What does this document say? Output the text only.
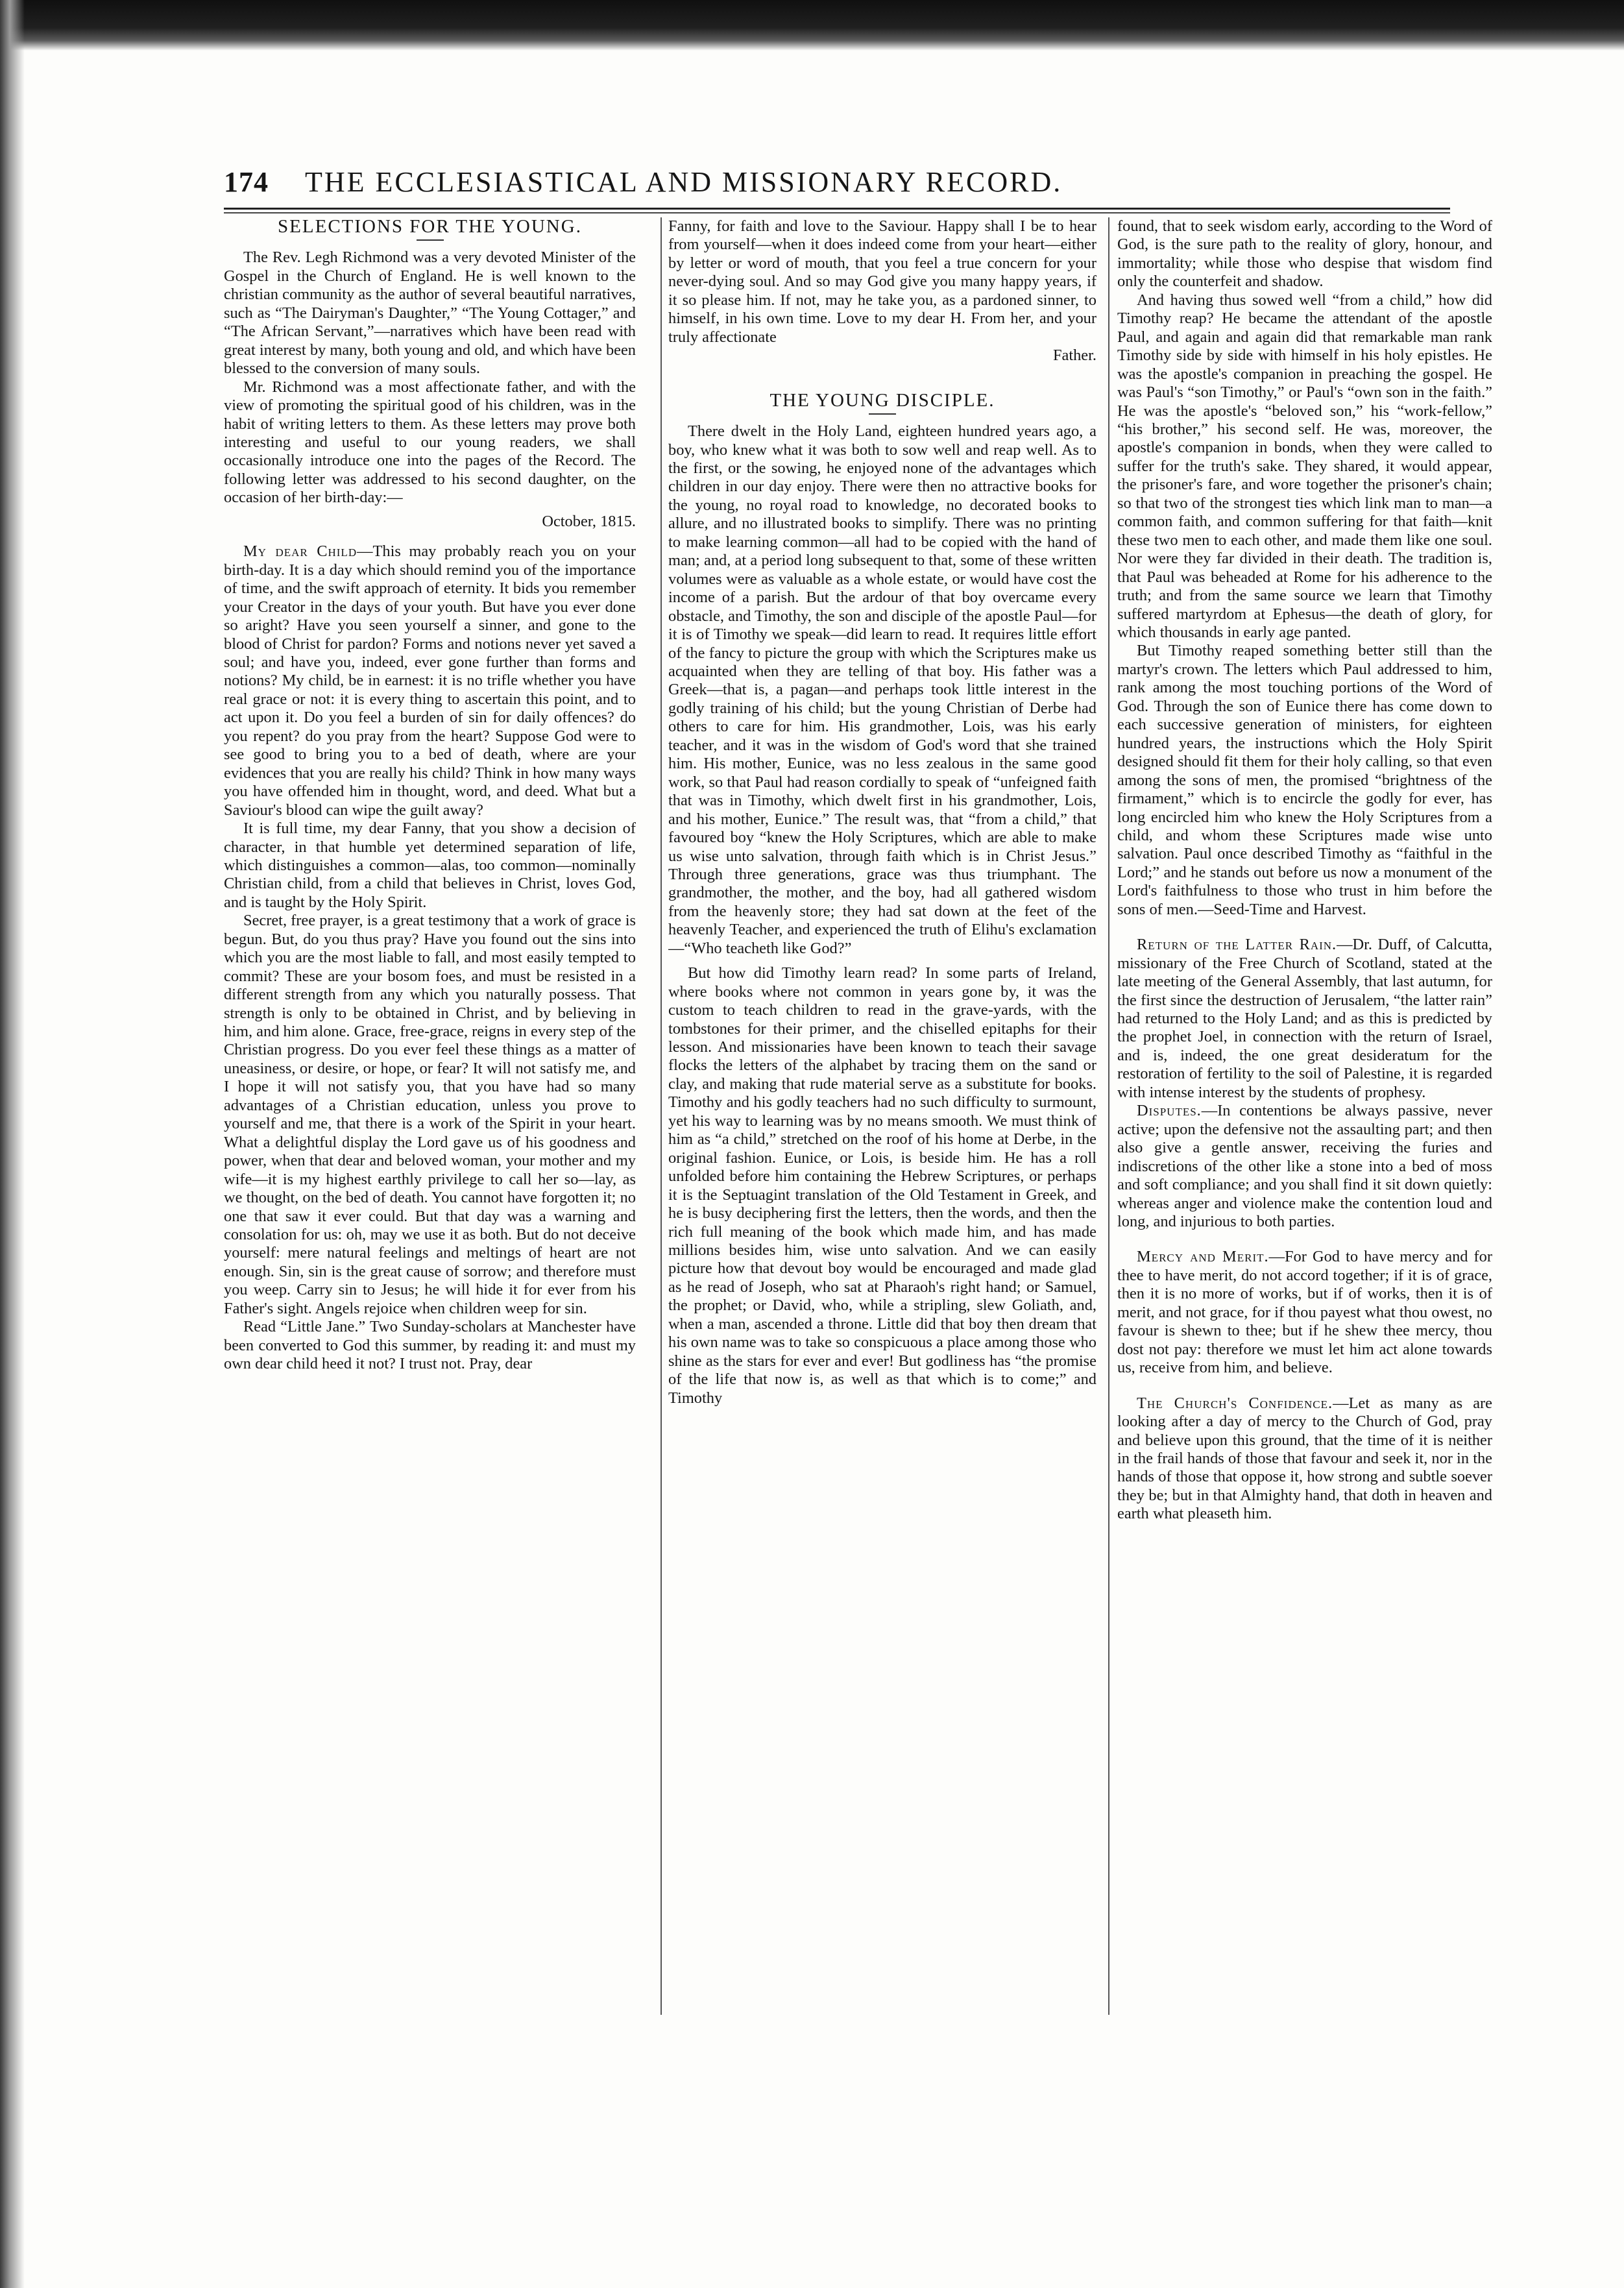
174 THE ECCLESIASTICAL AND MISSIONARY RECORD.
SELECTIONS FOR THE YOUNG.

The Rev. Legh Richmond was a very devoted Minister of the Gospel in the Church of England. He is well known to the christian community as the author of several beautiful narratives, such as “The Dairyman's Daughter,” “The Young Cottager,” and “The African Servant,”—narratives which have been read with great interest by many, both young and old, and which have been blessed to the conversion of many souls.

Mr. Richmond was a most affectionate father, and with the view of promoting the spiritual good of his children, was in the habit of writing letters to them. As these letters may prove both interesting and useful to our young readers, we shall occasionally introduce one into the pages of the Record. The following letter was addressed to his second daughter, on the occasion of her birth-day:—

October, 1815.

My dear Child—This may probably reach you on your birth-day. It is a day which should remind you of the importance of time, and the swift approach of eternity. It bids you remember your Creator in the days of your youth. But have you ever done so aright? Have you seen yourself a sinner, and gone to the blood of Christ for pardon? Forms and notions never yet saved a soul; and have you, indeed, ever gone further than forms and notions? My child, be in earnest: it is no trifle whether you have real grace or not: it is every thing to ascertain this point, and to act upon it. Do you feel a burden of sin for daily offences? do you repent? do you pray from the heart? Suppose God were to see good to bring you to a bed of death, where are your evidences that you are really his child? Think in how many ways you have offended him in thought, word, and deed. What but a Saviour's blood can wipe the guilt away?

It is full time, my dear Fanny, that you show a decision of character, in that humble yet determined separation of life, which distinguishes a common—alas, too common—nominally Christian child, from a child that believes in Christ, loves God, and is taught by the Holy Spirit.

Secret, free prayer, is a great testimony that a work of grace is begun. But, do you thus pray? Have you found out the sins into which you are the most liable to fall, and most easily tempted to commit? These are your bosom foes, and must be resisted in a different strength from any which you naturally possess. That strength is only to be obtained in Christ, and by believing in him, and him alone. Grace, free-grace, reigns in every step of the Christian progress. Do you ever feel these things as a matter of uneasiness, or desire, or hope, or fear? It will not satisfy me, and I hope it will not satisfy you, that you have had so many advantages of a Christian education, unless you prove to yourself and me, that there is a work of the Spirit in your heart. What a delightful display the Lord gave us of his goodness and power, when that dear and beloved woman, your mother and my wife—it is my highest earthly privilege to call her so—lay, as we thought, on the bed of death. You cannot have forgotten it; no one that saw it ever could. But that day was a warning and consolation for us: oh, may we use it as both. But do not deceive yourself: mere natural feelings and meltings of heart are not enough. Sin, sin is the great cause of sorrow; and therefore must you weep. Carry sin to Jesus; he will hide it for ever from his Father's sight. Angels rejoice when children weep for sin.

Read “Little Jane.” Two Sunday-scholars at Manchester have been converted to God this summer, by reading it: and must my own dear child heed it not? I trust not. Pray, dear

Fanny, for faith and love to the Saviour. Happy shall I be to hear from yourself—when it does indeed come from your heart—either by letter or word of mouth, that you feel a true concern for your never-dying soul. And so may God give you many happy years, if it so please him. If not, may he take you, as a pardoned sinner, to himself, in his own time. Love to my dear H. From her, and your truly affectionate

Father.

THE YOUNG DISCIPLE.

There dwelt in the Holy Land, eighteen hundred years ago, a boy, who knew what it was both to sow well and reap well. As to the first, or the sowing, he enjoyed none of the advantages which children in our day enjoy. There were then no attractive books for the young, no royal road to knowledge, no decorated books to allure, and no illustrated books to simplify. There was no printing to make learning common—all had to be copied with the hand of man; and, at a period long subsequent to that, some of these written volumes were as valuable as a whole estate, or would have cost the income of a parish. But the ardour of that boy overcame every obstacle, and Timothy, the son and disciple of the apostle Paul—for it is of Timothy we speak—did learn to read. It requires little effort of the fancy to picture the group with which the Scriptures make us acquainted when they are telling of that boy. His father was a Greek—that is, a pagan—and perhaps took little interest in the godly training of his child; but the young Christian of Derbe had others to care for him. His grandmother, Lois, was his early teacher, and it was in the wisdom of God's word that she trained him. His mother, Eunice, was no less zealous in the same good work, so that Paul had reason cordially to speak of “unfeigned faith that was in Timothy, which dwelt first in his grandmother, Lois, and his mother, Eunice.” The result was, that “from a child,” that favoured boy “knew the Holy Scriptures, which are able to make us wise unto salvation, through faith which is in Christ Jesus.” Through three generations, grace was thus triumphant. The grandmother, the mother, and the boy, had all gathered wisdom from the heavenly store; they had sat down at the feet of the heavenly Teacher, and experienced the truth of Elihu's exclamation—“Who teacheth like God?”

But how did Timothy learn read? In some parts of Ireland, where books where not common in years gone by, it was the custom to teach children to read in the grave-yards, with the tombstones for their primer, and the chiselled epitaphs for their lesson. And missionaries have been known to teach their savage flocks the letters of the alphabet by tracing them on the sand or clay, and making that rude material serve as a substitute for books. Timothy and his godly teachers had no such difficulty to surmount, yet his way to learning was by no means smooth. We must think of him as “a child,” stretched on the roof of his home at Derbe, in the original fashion. Eunice, or Lois, is beside him. He has a roll unfolded before him containing the Hebrew Scriptures, or perhaps it is the Septuagint translation of the Old Testament in Greek, and he is busy deciphering first the letters, then the words, and then the rich full meaning of the book which made him, and has made millions besides him, wise unto salvation. And we can easily picture how that devout boy would be encouraged and made glad as he read of Joseph, who sat at Pharaoh's right hand; or Samuel, the prophet; or David, who, while a stripling, slew Goliath, and, when a man, ascended a throne. Little did that boy then dream that his own name was to take so conspicuous a place among those who shine as the stars for ever and ever! But godliness has “the promise of the life that now is, as well as that which is to come;” and Timothy

found, that to seek wisdom early, according to the Word of God, is the sure path to the reality of glory, honour, and immortality; while those who despise that wisdom find only the counterfeit and shadow.

And having thus sowed well “from a child,” how did Timothy reap? He became the attendant of the apostle Paul, and again and again did that remarkable man rank Timothy side by side with himself in his holy epistles. He was the apostle's companion in preaching the gospel. He was Paul's “son Timothy,” or Paul's “own son in the faith.” He was the apostle's “beloved son,” his “work-fellow,” “his brother,” his second self. He was, moreover, the apostle's companion in bonds, when they were called to suffer for the truth's sake. They shared, it would appear, the prisoner's fare, and wore together the prisoner's chain; so that two of the strongest ties which link man to man—a common faith, and common suffering for that faith—knit these two men to each other, and made them like one soul. Nor were they far divided in their death. The tradition is, that Paul was beheaded at Rome for his adherence to the truth; and from the same source we learn that Timothy suffered martyrdom at Ephesus—the death of glory, for which thousands in early age panted.

But Timothy reaped something better still than the martyr's crown. The letters which Paul addressed to him, rank among the most touching portions of the Word of God. Through the son of Eunice there has come down to each successive generation of ministers, for eighteen hundred years, the instructions which the Holy Spirit designed should fit them for their holy calling, so that even among the sons of men, the promised “brightness of the firmament,” which is to encircle the godly for ever, has long encircled him who knew the Holy Scriptures from a child, and whom these Scriptures made wise unto salvation. Paul once described Timothy as “faithful in the Lord;” and he stands out before us now a monument of the Lord's faithfulness to those who trust in him before the sons of men.—Seed-Time and Harvest.

Return of the Latter Rain.—Dr. Duff, of Calcutta, missionary of the Free Church of Scotland, stated at the late meeting of the General Assembly, that last autumn, for the first since the destruction of Jerusalem, “the latter rain” had returned to the Holy Land; and as this is predicted by the prophet Joel, in connection with the return of Israel, and is, indeed, the one great desideratum for the restoration of fertility to the soil of Palestine, it is regarded with intense interest by the students of prophesy.

Disputes.—In contentions be always passive, never active; upon the defensive not the assaulting part; and then also give a gentle answer, receiving the furies and indiscretions of the other like a stone into a bed of moss and soft compliance; and you shall find it sit down quietly: whereas anger and violence make the contention loud and long, and injurious to both parties.

Mercy and Merit.—For God to have mercy and for thee to have merit, do not accord together; if it is of grace, then it is no more of works, but if of works, then it is of merit, and not grace, for if thou payest what thou owest, no favour is shewn to thee; but if he shew thee mercy, thou dost not pay: therefore we must let him act alone towards us, receive from him, and believe.

The Church's Confidence.—Let as many as are looking after a day of mercy to the Church of God, pray and believe upon this ground, that the time of it is neither in the frail hands of those that favour and seek it, nor in the hands of those that oppose it, how strong and subtle soever they be; but in that Almighty hand, that doth in heaven and earth what pleaseth him.
